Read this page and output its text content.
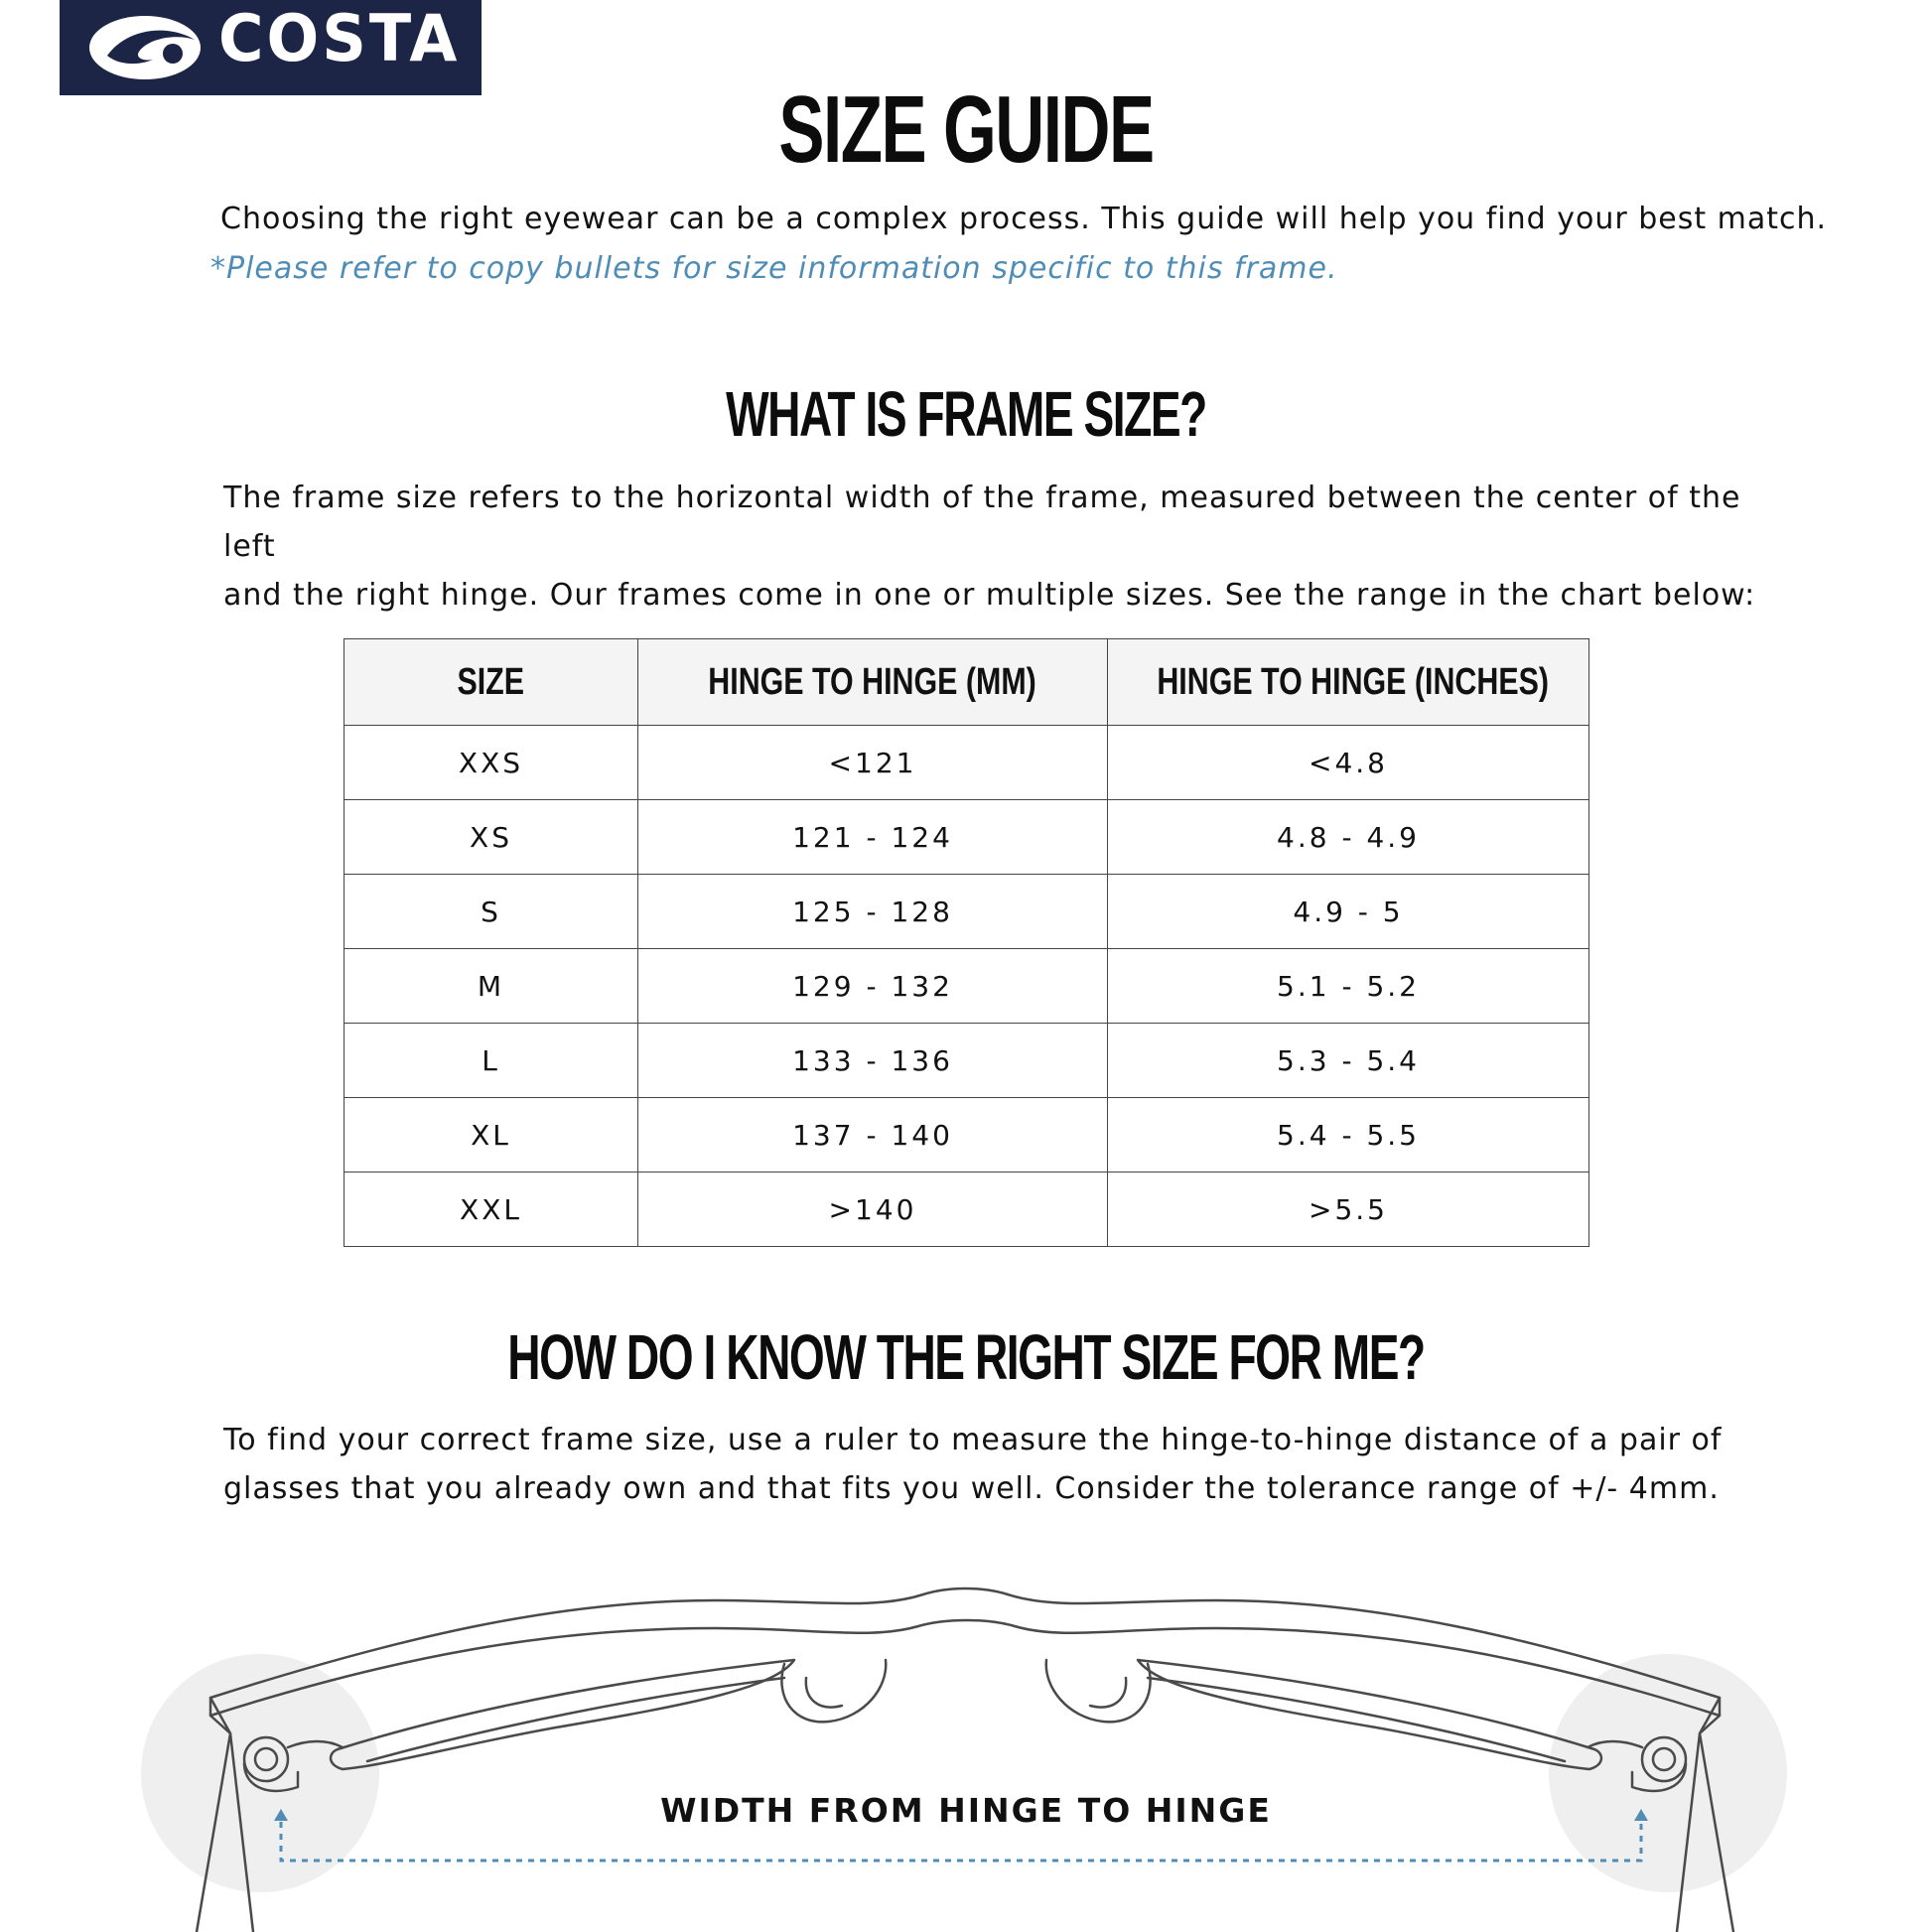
COSTA	®
SIZE GUIDE

Choosing the right eyewear can be a complex process. This guide will help you find your best match.

*Please refer to copy bullets for size information specific to this frame.

WHAT IS FRAME SIZE?
The frame size refers to the horizontal width of the frame, measured between the center of the left
and the right hinge. Our frames come in one or multiple sizes. See the range in the chart below:
SIZE	HINGE TO HINGE (MM)	HINGE TO HINGE (INCHES)
XXS	<121	<4.8
XS	121 - 124	4.8 - 4.9
S	125 - 128	4.9 - 5
M	129 - 132	5.1 - 5.2
L	133 - 136	5.3 - 5.4
XL	137 - 140	5.4 - 5.5
XXL	>140	>5.5
HOW DO I KNOW THE RIGHT SIZE FOR ME?
To find your correct frame size, use a ruler to measure the hinge-to-hinge distance of a pair of
glasses that you already own and that fits you well. Consider the tolerance range of +/- 4mm.
WIDTH FROM HINGE TO HINGE
